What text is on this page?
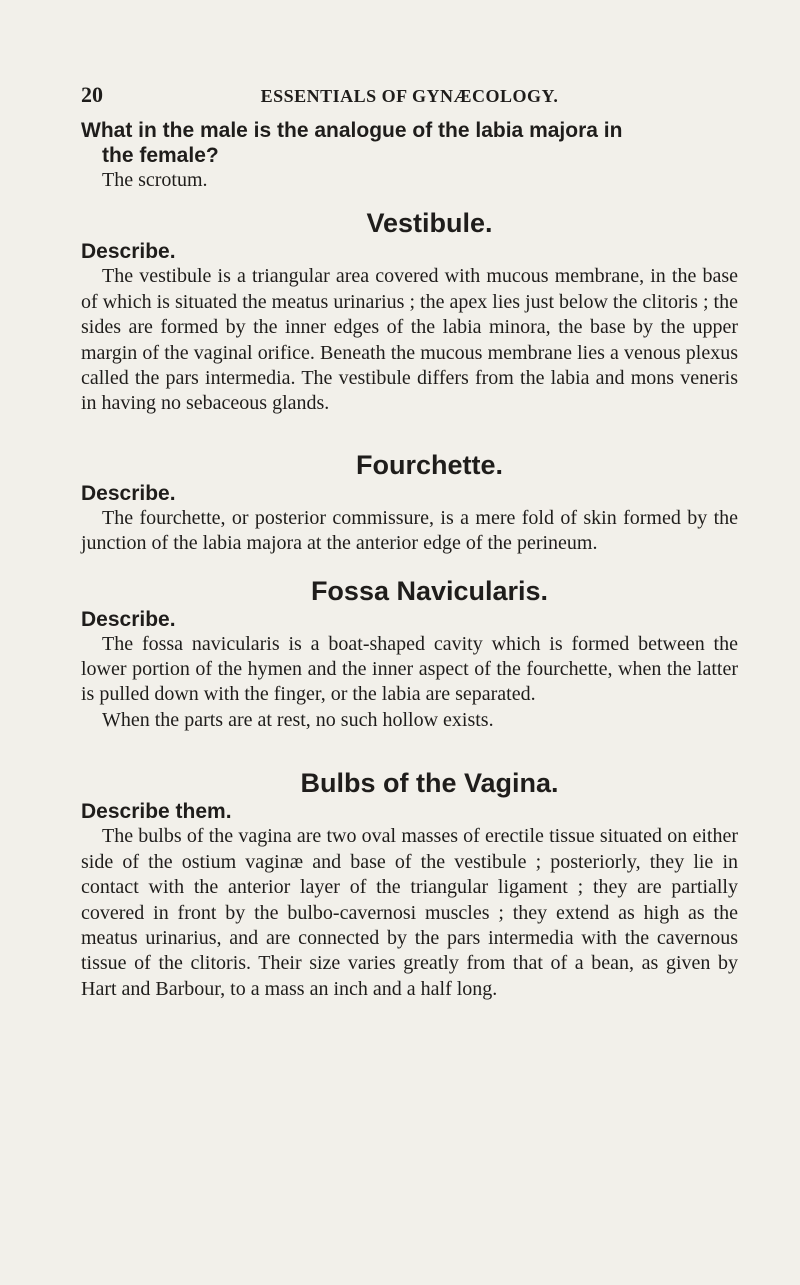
20	ESSENTIALS OF GYNÆCOLOGY.

What in the male is the analogue of the labia majora in
the female?

The scrotum.

Vestibule.

Describe.

The vestibule is a triangular area covered with mucous membrane, in the base of which is situated the meatus urinarius ; the apex lies just below the clitoris ; the sides are formed by the inner edges of the labia minora, the base by the upper margin of the vaginal orifice. Beneath the mucous membrane lies a venous plexus called the pars intermedia. The vestibule differs from the labia and mons veneris in having no sebaceous glands.

Fourchette.

Describe.

The fourchette, or posterior commissure, is a mere fold of skin formed by the junction of the labia majora at the anterior edge of the perineum.

Fossa Navicularis.

Describe.

The fossa navicularis is a boat-shaped cavity which is formed between the lower portion of the hymen and the inner aspect of the fourchette, when the latter is pulled down with the finger, or the labia are separated.

When the parts are at rest, no such hollow exists.

Bulbs of the Vagina.

Describe them.

The bulbs of the vagina are two oval masses of erectile tissue situated on either side of the ostium vaginæ and base of the vestibule ; posteriorly, they lie in contact with the anterior layer of the triangular ligament ; they are partially covered in front by the bulbo-cavernosi muscles ; they extend as high as the meatus urinarius, and are connected by the pars intermedia with the cavernous tissue of the clitoris. Their size varies greatly from that of a bean, as given by Hart and Barbour, to a mass an inch and a half long.
